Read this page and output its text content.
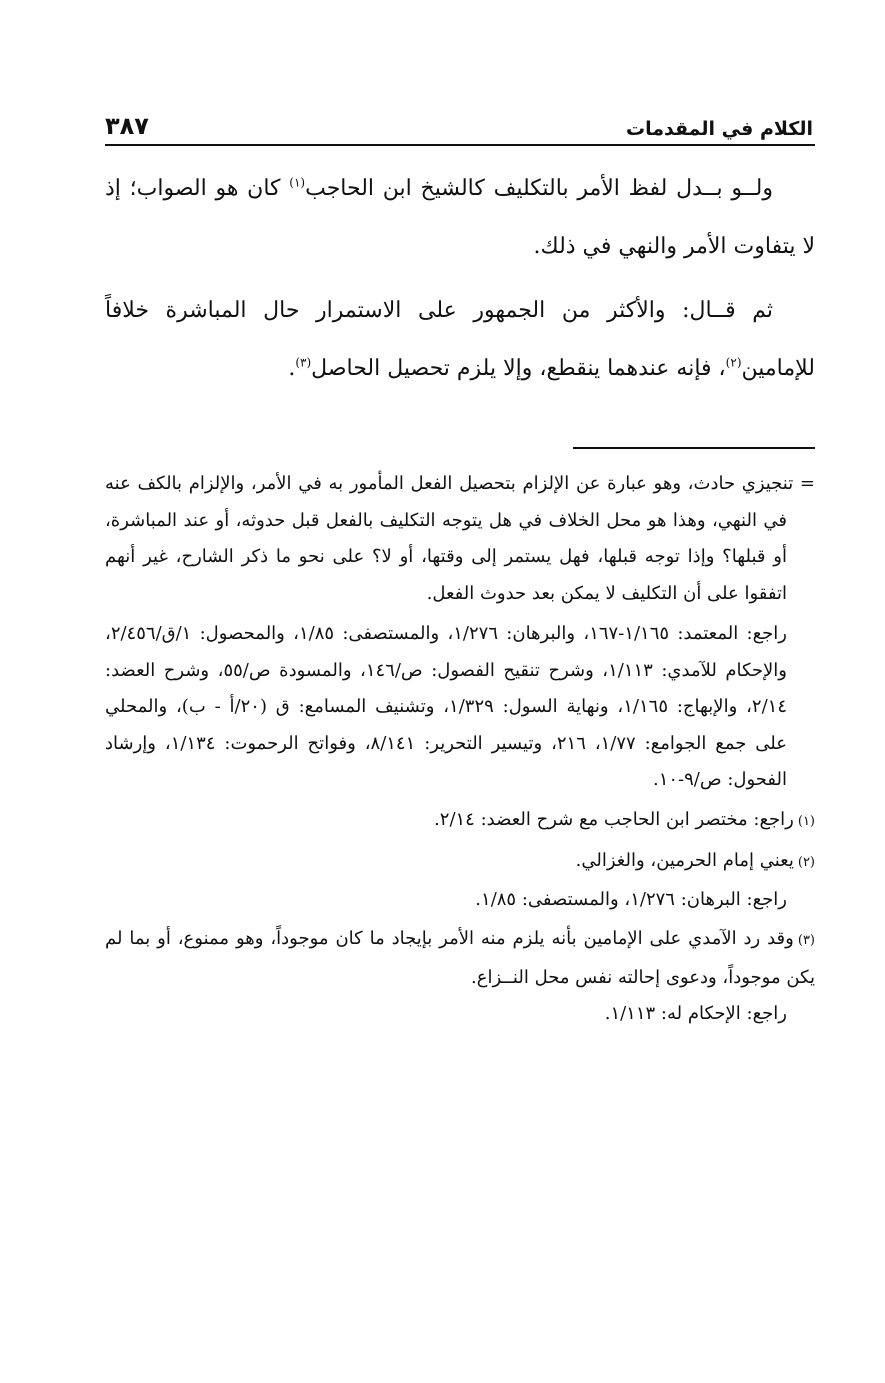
الكلام في المقدمات
٣٨٧

ولــو بــدل لفظ الأمر بالتكليف كالشيخ ابن الحاجب$^{(١)}$ كان هو الصواب؛ إذ لا يتفاوت الأمر والنهي في ذلك.

ثم قــال: والأكثر من الجمهور على الاستمرار حال المباشرة خلافاً للإمامين$^{(٢)}$، فإنه عندهما ينقطع، وإلا يلزم تحصيل الحاصل$^{(٣)}$.

= تنجيزي حادث، وهو عبارة عن الإلزام بتحصيل الفعل المأمور به في الأمر، والإلزام بالكف عنه في النهي، وهذا هو محل الخلاف في هل يتوجه التكليف بالفعل قبل حدوثه، أو عند المباشرة، أو قبلها؟ وإذا توجه قبلها، فهل يستمر إلى وقتها، أو لا؟ على نحو ما ذكر الشارح، غير أنهم اتفقوا على أن التكليف لا يمكن بعد حدوث الفعل.

راجع: المعتمد: ١/١٦٥-١٦٧، والبرهان: ١/٢٧٦، والمستصفى: ١/٨٥، والمحصول: ١/ق/٢/٤٥٦، والإحكام للآمدي: ١/١١٣، وشرح تنقيح الفصول: ص/١٤٦، والمسودة ص/٥٥، وشرح العضد: ٢/١٤، والإبهاج: ١/١٦٥، ونهاية السول: ١/٣٢٩، وتشنيف المسامع: ق (٢٠/أ - ب)، والمحلي على جمع الجوامع: ١/٧٧، ٢١٦، وتيسير التحرير: ٨/١٤١، وفواتح الرحموت: ١/١٣٤، وإرشاد الفحول: ص/٩-١٠.

(١)راجع: مختصر ابن الحاجب مع شرح العضد: ٢/١٤.

(٢)يعني إمام الحرمين، والغزالي.

راجع: البرهان: ١/٢٧٦، والمستصفى: ١/٨٥.

(٣)وقد رد الآمدي على الإمامين بأنه يلزم منه الأمر بإيجاد ما كان موجوداً، وهو ممنوع، أو بما لم يكن موجوداً، ودعوى إحالته نفس محل النــزاع.

راجع: الإحكام له: ١/١١٣.
